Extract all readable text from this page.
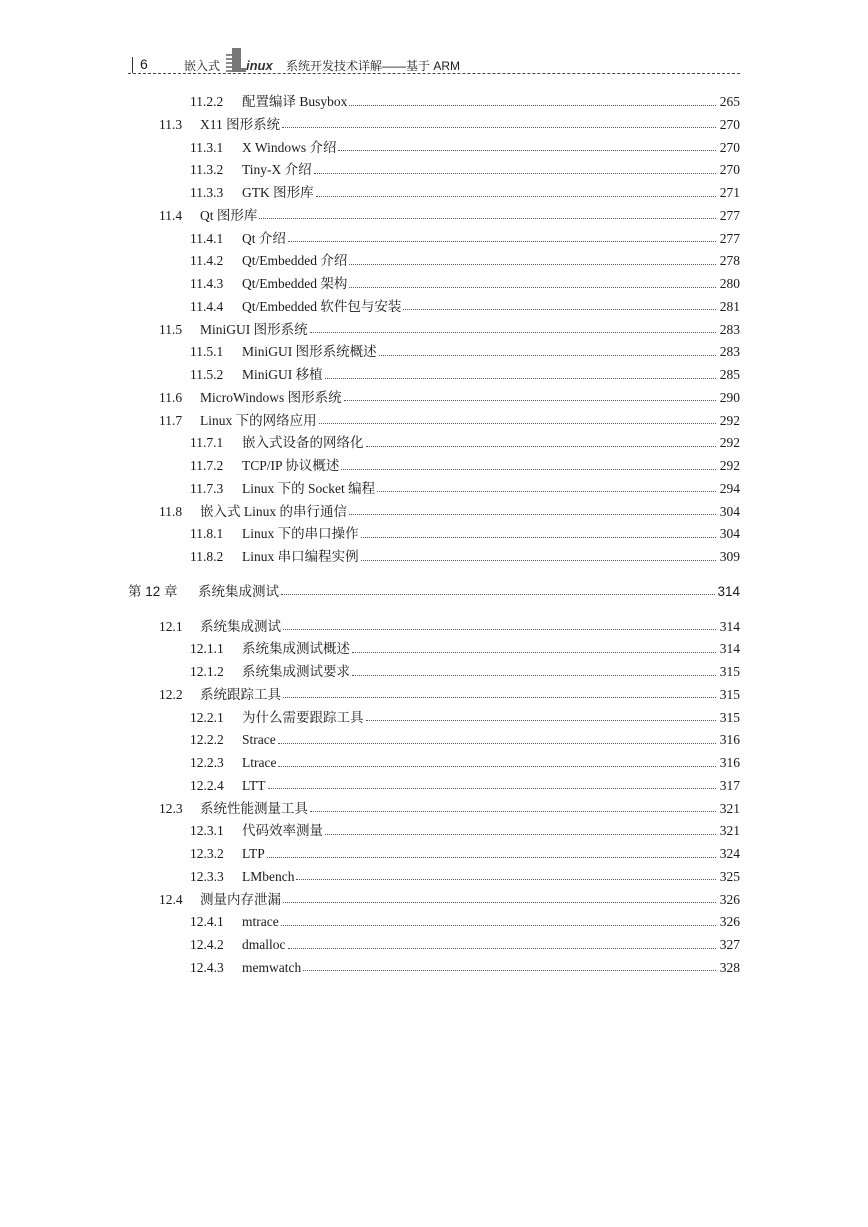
6	嵌入式 inux 系统开发技术详解——基于 ARM
11.2.2	配置编译 Busybox	265
11.3	X11 图形系统	270
11.3.1	X Windows 介绍	270
11.3.2	Tiny-X 介绍	270
11.3.3	GTK 图形库	271
11.4	Qt 图形库	277
11.4.1	Qt 介绍	277
11.4.2	Qt/Embedded 介绍	278
11.4.3	Qt/Embedded 架构	280
11.4.4	Qt/Embedded 软件包与安装	281
11.5	MiniGUI 图形系统	283
11.5.1	MiniGUI 图形系统概述	283
11.5.2	MiniGUI 移植	285
11.6	MicroWindows 图形系统	290
11.7	Linux 下的网络应用	292
11.7.1	嵌入式设备的网络化	292
11.7.2	TCP/IP 协议概述	292
11.7.3	Linux 下的 Socket 编程	294
11.8	嵌入式 Linux 的串行通信	304
11.8.1	Linux 下的串口操作	304
11.8.2	Linux 串口编程实例	309
第 12 章	系统集成测试	314
12.1	系统集成测试	314
12.1.1	系统集成测试概述	314
12.1.2	系统集成测试要求	315
12.2	系统跟踪工具	315
12.2.1	为什么需要跟踪工具	315
12.2.2	Strace	316
12.2.3	Ltrace	316
12.2.4	LTT	317
12.3	系统性能测量工具	321
12.3.1	代码效率测量	321
12.3.2	LTP	324
12.3.3	LMbench	325
12.4	测量内存泄漏	326
12.4.1	mtrace	326
12.4.2	dmalloc	327
12.4.3	memwatch	328
